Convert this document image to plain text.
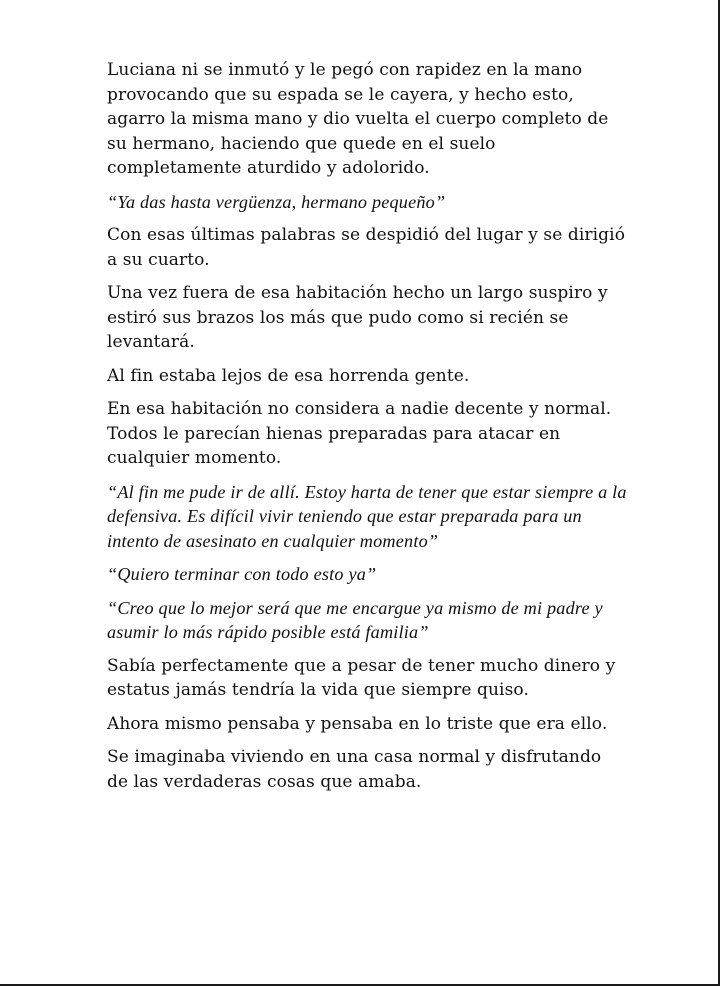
Luciana ni se inmutó y le pegó con rapidez en la mano provocando que su espada se le cayera, y hecho esto, agarro la misma mano y dio vuelta el cuerpo completo de su hermano, haciendo que quede en el suelo completamente aturdido y adolorido.

“Ya das hasta vergüenza, hermano pequeño”

Con esas últimas palabras se despidió del lugar y se dirigió a su cuarto.

Una vez fuera de esa habitación hecho un largo suspiro y estiró sus brazos los más que pudo como si recién se levantará.

Al fin estaba lejos de esa horrenda gente.

En esa habitación no considera a nadie decente y normal. Todos le parecían hienas preparadas para atacar en cualquier momento.

“Al fin me pude ir de allí. Estoy harta de tener que estar siempre a la defensiva. Es difícil vivir teniendo que estar preparada para un intento de asesinato en cualquier momento”

“Quiero terminar con todo esto ya”

“Creo que lo mejor será que me encargue ya mismo de mi padre y asumir lo más rápido posible está familia”

Sabía perfectamente que a pesar de tener mucho dinero y estatus jamás tendría la vida que siempre quiso.

Ahora mismo pensaba y pensaba en lo triste que era ello.

Se imaginaba viviendo en una casa normal y disfrutando de las verdaderas cosas que amaba.
